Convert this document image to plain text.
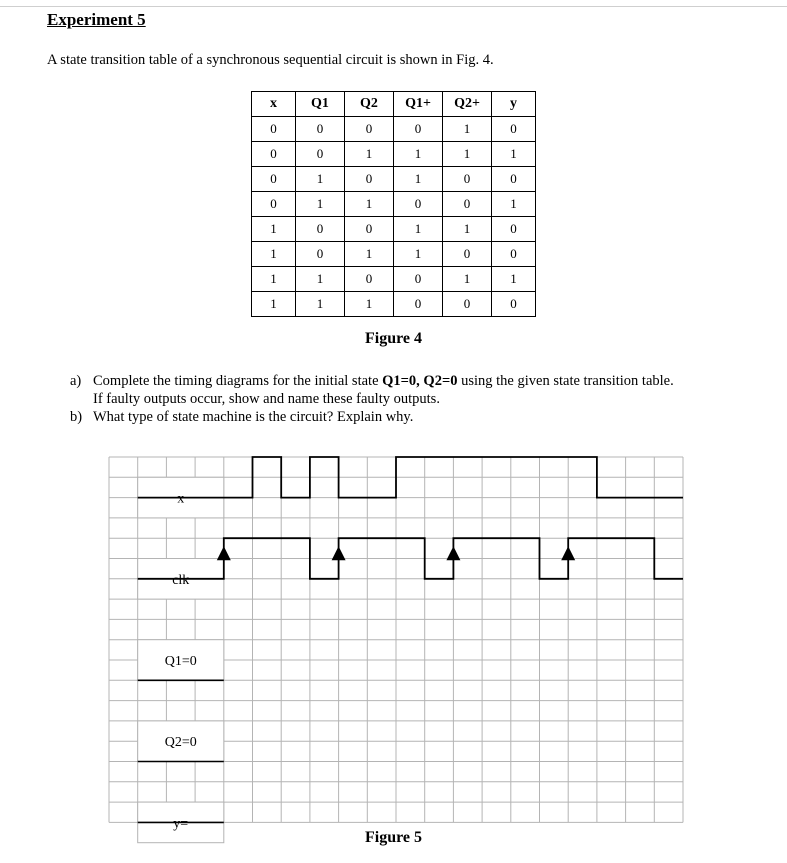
Experiment 5
A state transition table of a synchronous sequential circuit is shown in Fig. 4.
x	Q1	Q2	Q1+	Q2+	y
0	0	0	0	1	0
0	0	1	1	1	1
0	1	0	1	0	0
0	1	1	0	0	1
1	0	0	1	1	0
1	0	1	1	0	0
1	1	0	0	1	1
1	1	1	0	0	0
Figure 4
a) Complete the timing diagrams for the initial state Q1=0, Q2=0 using the given state transition table.
If faulty outputs occur, show and name these faulty outputs.
b) What type of state machine is the circuit? Explain why.
x
clk
Q1=0
Q2=0
y=
Figure 5
